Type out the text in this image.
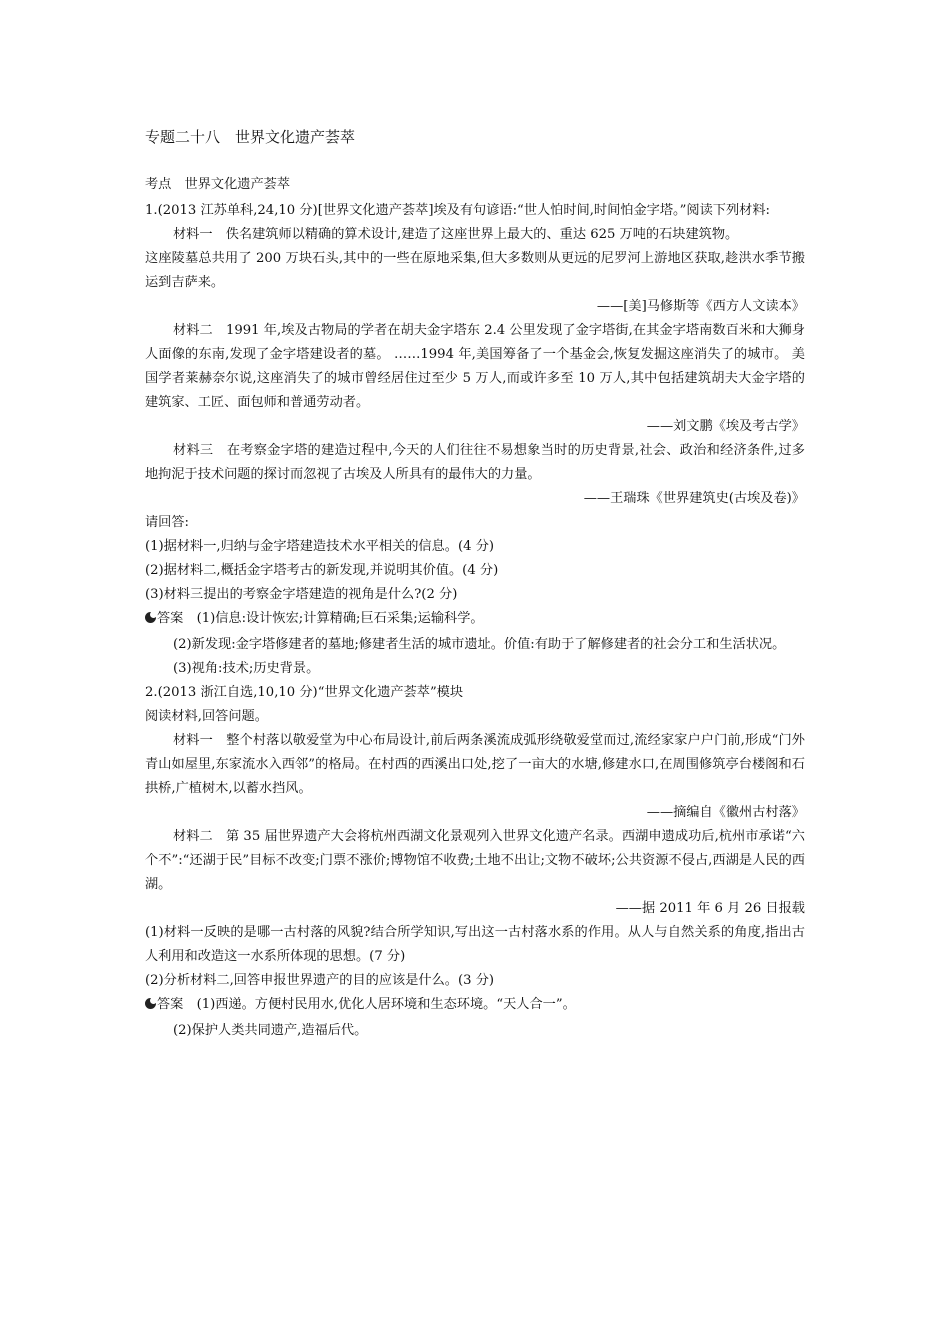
专题二十八　世界文化遗产荟萃
考点　世界文化遗产荟萃

1.(2013 江苏单科,24,10 分)[世界文化遗产荟萃]埃及有句谚语:“世人怕时间,时间怕金字塔。”阅读下列材料:

材料一　佚名建筑师以精确的算术设计,建造了这座世界上最大的、重达 625 万吨的石块建筑物。

这座陵墓总共用了 200 万块石头,其中的一些在原地采集,但大多数则从更远的尼罗河上游地区获取,趁洪水季节搬运到吉萨来。

——[美]马修斯等《西方人文读本》

材料二　1991 年,埃及古物局的学者在胡夫金字塔东 2.4 公里发现了金字塔街,在其金字塔南数百米和大狮身人面像的东南,发现了金字塔建设者的墓。 ……1994 年,美国筹备了一个基金会,恢复发掘这座消失了的城市。 美国学者莱赫奈尔说,这座消失了的城市曾经居住过至少 5 万人,而或许多至 10 万人,其中包括建筑胡夫大金字塔的建筑家、工匠、面包师和普通劳动者。

——刘文鹏《埃及考古学》

材料三　在考察金字塔的建造过程中,今天的人们往往不易想象当时的历史背景,社会、政治和经济条件,过多地拘泥于技术问题的探讨而忽视了古埃及人所具有的最伟大的力量。

——王瑞珠《世界建筑史(古埃及卷)》

请回答:

(1)据材料一,归纳与金字塔建造技术水平相关的信息。(4 分)

(2)据材料二,概括金字塔考古的新发现,并说明其价值。(4 分)

(3)材料三提出的考察金字塔建造的视角是什么?(2 分)

答案　 (1)信息:设计恢宏;计算精确;巨石采集;运输科学。

(2)新发现:金字塔修建者的墓地;修建者生活的城市遗址。价值:有助于了解修建者的社会分工和生活状况。

(3)视角:技术;历史背景。

2.(2013 浙江自选,10,10 分)“世界文化遗产荟萃”模块

阅读材料,回答问题。

材料一　整个村落以敬爱堂为中心布局设计,前后两条溪流成弧形绕敬爱堂而过,流经家家户户门前,形成“门外青山如屋里,东家流水入西邻”的格局。在村西的西溪出口处,挖了一亩大的水塘,修建水口,在周围修筑亭台楼阁和石拱桥,广植树木,以蓄水挡风。

——摘编自《徽州古村落》

材料二　第 35 届世界遗产大会将杭州西湖文化景观列入世界文化遗产名录。西湖申遗成功后,杭州市承诺“六个不”:“还湖于民”目标不改变;门票不涨价;博物馆不收费;土地不出让;文物不破坏;公共资源不侵占,西湖是人民的西湖。

——据 2011 年 6 月 26 日报载

(1)材料一反映的是哪一古村落的风貌?结合所学知识,写出这一古村落水系的作用。从人与自然关系的角度,指出古人利用和改造这一水系所体现的思想。(7 分)

(2)分析材料二,回答申报世界遗产的目的应该是什么。(3 分)

答案　 (1)西递。方便村民用水,优化人居环境和生态环境。“天人合一”。

(2)保护人类共同遗产,造福后代。
